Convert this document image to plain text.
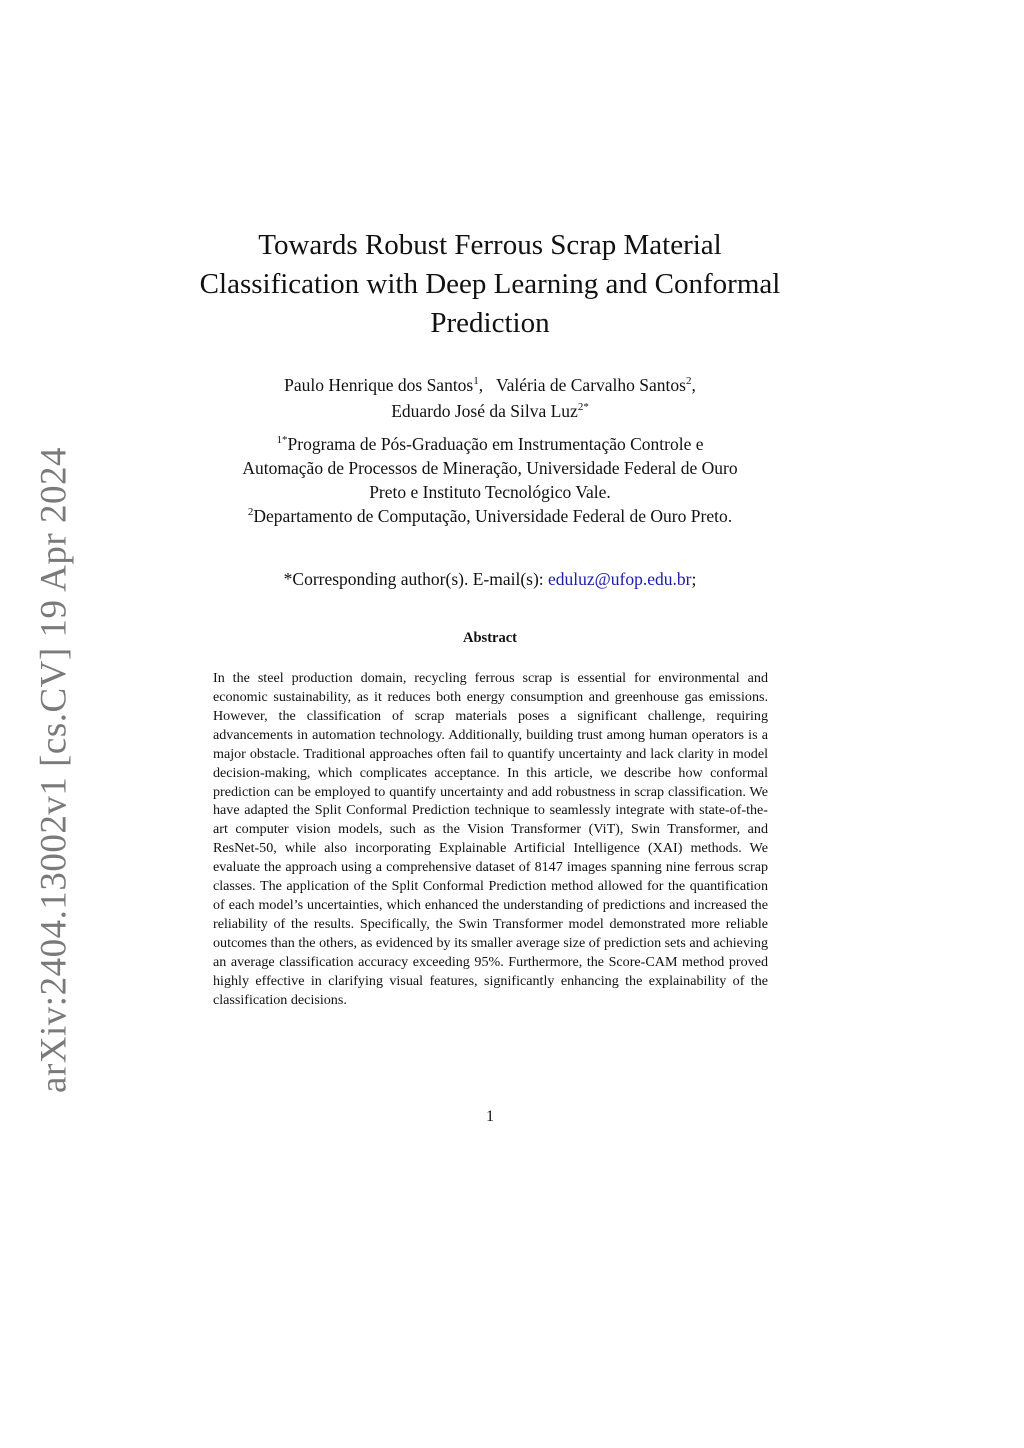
arXiv:2404.13002v1 [cs.CV] 19 Apr 2024
Towards Robust Ferrous Scrap Material
Classification with Deep Learning and Conformal
Prediction
Paulo Henrique dos Santos$^1$,   Valéria de Carvalho Santos$^2$,
Eduardo José da Silva Luz$^{2*}$
$^{1*}$Programa de Pós-Graduação em Instrumentação Controle e
Automação de Processos de Mineração, Universidade Federal de Ouro
Preto e Instituto Tecnológico Vale.
$^2$Departamento de Computação, Universidade Federal de Ouro Preto.
*Corresponding author(s). E-mail(s): eduluz@ufop.edu.br;
Abstract

In the steel production domain, recycling ferrous scrap is essential for environmental and economic sustainability, as it reduces both energy consumption and greenhouse gas emissions. However, the classification of scrap materials poses a significant challenge, requiring advancements in automation technology. Additionally, building trust among human operators is a major obstacle. Traditional approaches often fail to quantify uncertainty and lack clarity in model decision-making, which complicates acceptance. In this article, we describe how conformal prediction can be employed to quantify uncertainty and add robustness in scrap classification. We have adapted the Split Conformal Prediction technique to seamlessly integrate with state-of-the-art computer vision models, such as the Vision Transformer (ViT), Swin Transformer, and ResNet-50, while also incorporating Explainable Artificial Intelligence (XAI) methods. We evaluate the approach using a comprehensive dataset of 8147 images spanning nine ferrous scrap classes. The application of the Split Conformal Prediction method allowed for the quantification of each model’s uncertainties, which enhanced the understanding of predictions and increased the reliability of the results. Specifically, the Swin Transformer model demonstrated more reliable outcomes than the others, as evidenced by its smaller average size of prediction sets and achieving an average classification accuracy exceeding 95%. Furthermore, the Score-CAM method proved highly effective in clarifying visual features, significantly enhancing the explainability of the classification decisions.

1
